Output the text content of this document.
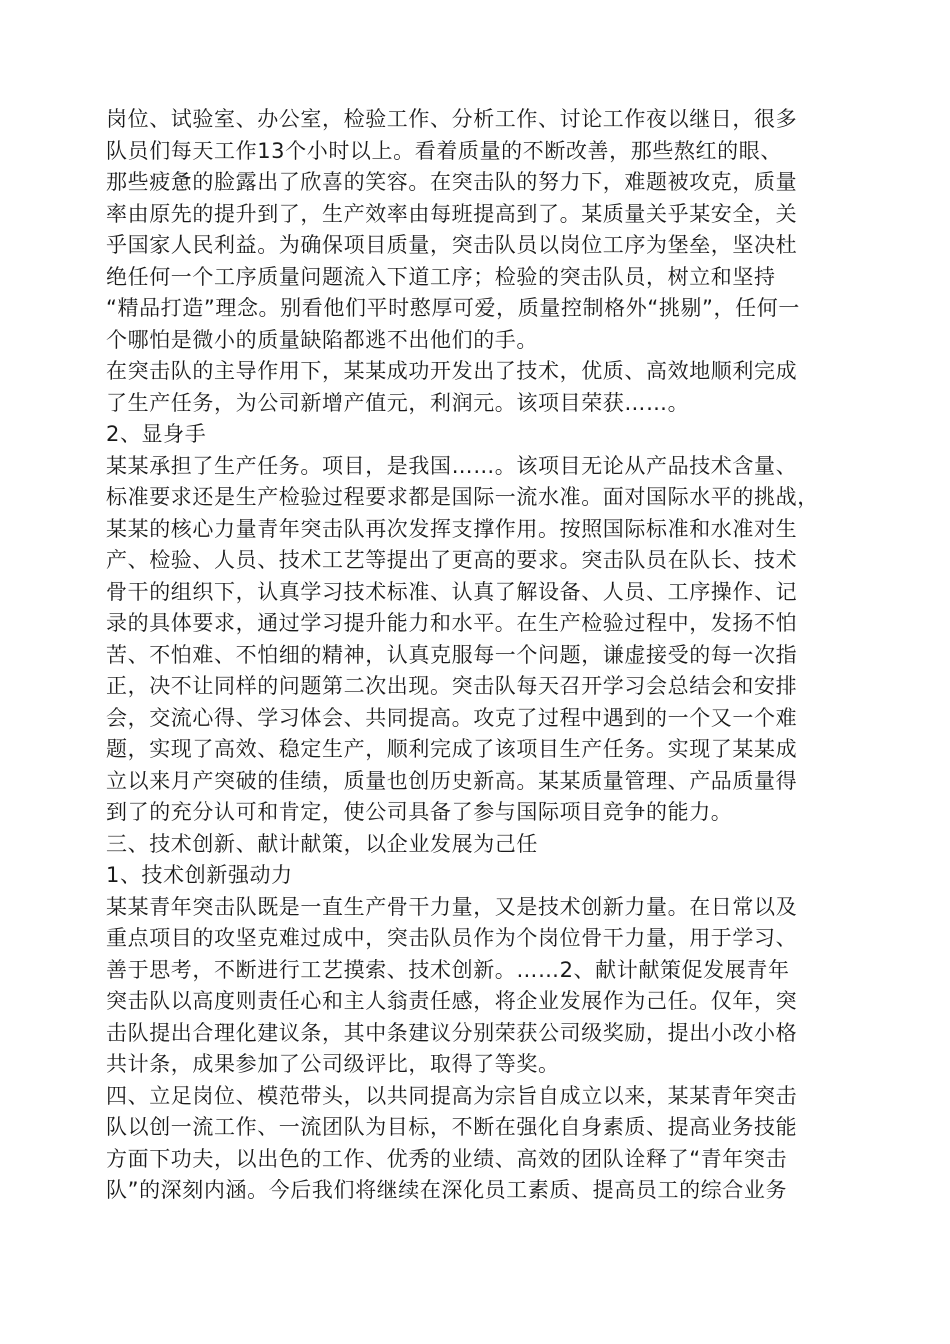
岗位、试验室、办公室，检验工作、分析工作、讨论工作夜以继日，很多
队员们每天工作13个小时以上。看着质量的不断改善，那些熬红的眼、
那些疲惫的脸露出了欣喜的笑容。在突击队的努力下，难题被攻克，质量
率由原先的提升到了，生产效率由每班提高到了。某质量关乎某安全，关
乎国家人民利益。为确保项目质量，突击队员以岗位工序为堡垒，坚决杜
绝任何一个工序质量问题流入下道工序；检验的突击队员，树立和坚持
“精品打造”理念。别看他们平时憨厚可爱，质量控制格外“挑剔”，任何一
个哪怕是微小的质量缺陷都逃不出他们的手。
在突击队的主导作用下，某某成功开发出了技术，优质、高效地顺利完成
了生产任务，为公司新增产值元，利润元。该项目荣获……。
2、显身手
某某承担了生产任务。项目，是我国……。该项目无论从产品技术含量、
标准要求还是生产检验过程要求都是国际一流水准。面对国际水平的挑战，
某某的核心力量青年突击队再次发挥支撑作用。按照国际标准和水准对生
产、检验、人员、技术工艺等提出了更高的要求。突击队员在队长、技术
骨干的组织下，认真学习技术标准、认真了解设备、人员、工序操作、记
录的具体要求，通过学习提升能力和水平。在生产检验过程中，发扬不怕
苦、不怕难、不怕细的精神，认真克服每一个问题，谦虚接受的每一次指
正，决不让同样的问题第二次出现。突击队每天召开学习会总结会和安排
会，交流心得、学习体会、共同提高。攻克了过程中遇到的一个又一个难
题，实现了高效、稳定生产，顺利完成了该项目生产任务。实现了某某成
立以来月产突破的佳绩，质量也创历史新高。某某质量管理、产品质量得
到了的充分认可和肯定，使公司具备了参与国际项目竞争的能力。
三、技术创新、献计献策，以企业发展为己任
1、技术创新强动力
某某青年突击队既是一直生产骨干力量，又是技术创新力量。在日常以及
重点项目的攻坚克难过成中，突击队员作为个岗位骨干力量，用于学习、
善于思考，不断进行工艺摸索、技术创新。……2、献计献策促发展青年
突击队以高度则责任心和主人翁责任感，将企业发展作为己任。仅年，突
击队提出合理化建议条，其中条建议分别荣获公司级奖励，提出小改小格
共计条，成果参加了公司级评比，取得了等奖。
四、立足岗位、模范带头，以共同提高为宗旨自成立以来，某某青年突击
队以创一流工作、一流团队为目标，不断在强化自身素质、提高业务技能
方面下功夫，以出色的工作、优秀的业绩、高效的团队诠释了“青年突击
队”的深刻内涵。今后我们将继续在深化员工素质、提高员工的综合业务
